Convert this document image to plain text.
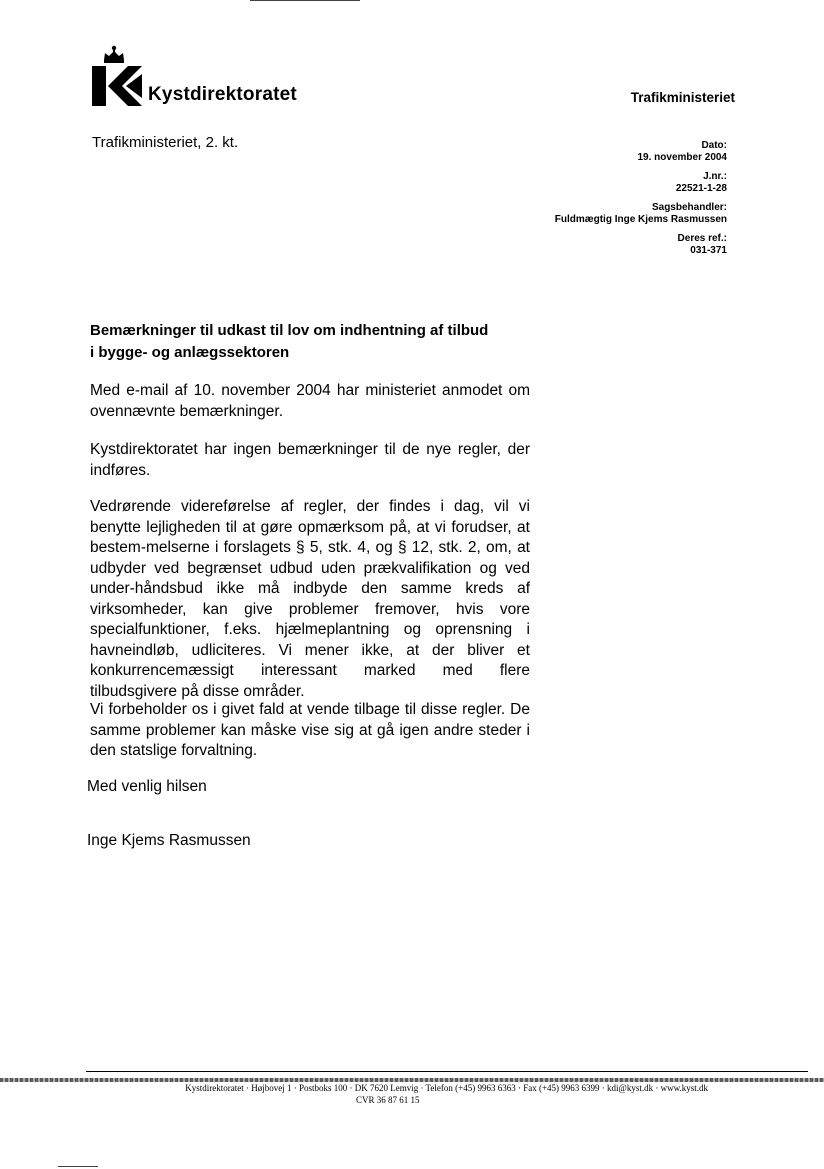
Kystdirektoratet	Trafikministeriet
Trafikministeriet, 2. kt.	Dato:
19. november 2004
J.nr.:
22521-1-28
Sagsbehandler:
Fuldmægtig Inge Kjems Rasmussen
Deres ref.:
031-371
Bemærkninger til udkast til lov om indhentning af tilbud
i bygge- og anlægssektoren
Med e-mail af 10. november 2004 har ministeriet anmodet om ovennævnte bemærkninger.
Kystdirektoratet har ingen bemærkninger til de nye regler, der indføres.
Vedrørende videreførelse af regler, der findes i dag, vil vi benytte lejligheden til at gøre opmærksom på, at vi forudser, at bestem-melserne i forslagets § 5, stk. 4, og § 12, stk. 2, om, at udbyder ved begrænset udbud uden prækvalifikation og ved under-håndsbud ikke må indbyde den samme kreds af virksomheder, kan give problemer fremover, hvis vore specialfunktioner, f.eks. hjælmeplantning og oprensning i havneindløb, udliciteres. Vi mener ikke, at der bliver et konkurrencemæssigt interessant marked med flere tilbudsgivere på disse områder.
Vi forbeholder os i givet fald at vende tilbage til disse regler. De samme problemer kan måske vise sig at gå igen andre steder i den statslige forvaltning.
Med venlig hilsen
Inge Kjems Rasmussen
Kystdirektoratet · Højbovej 1 · Postboks 100 · DK 7620 Lemvig · Telefon (+45) 9963 6363 · Fax (+45) 9963 6399 · kdi@kyst.dk · www.kyst.dk
CVR 36 87 61 15
